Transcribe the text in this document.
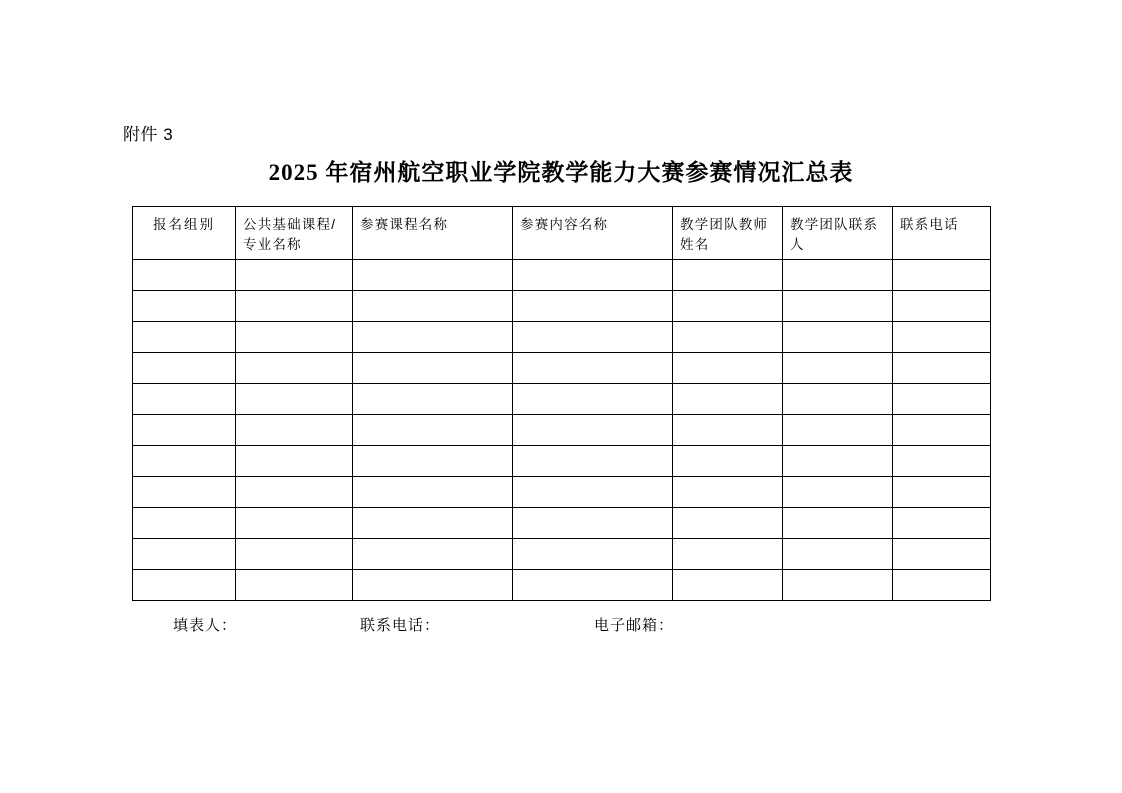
附件 3
2025 年宿州航空职业学院教学能力大赛参赛情况汇总表
报名组别	公共基础课程/专业名称	参赛课程名称	参赛内容名称	教学团队教师姓名	教学团队联系人	联系电话

填表人：	联系电话：	电子邮箱：
